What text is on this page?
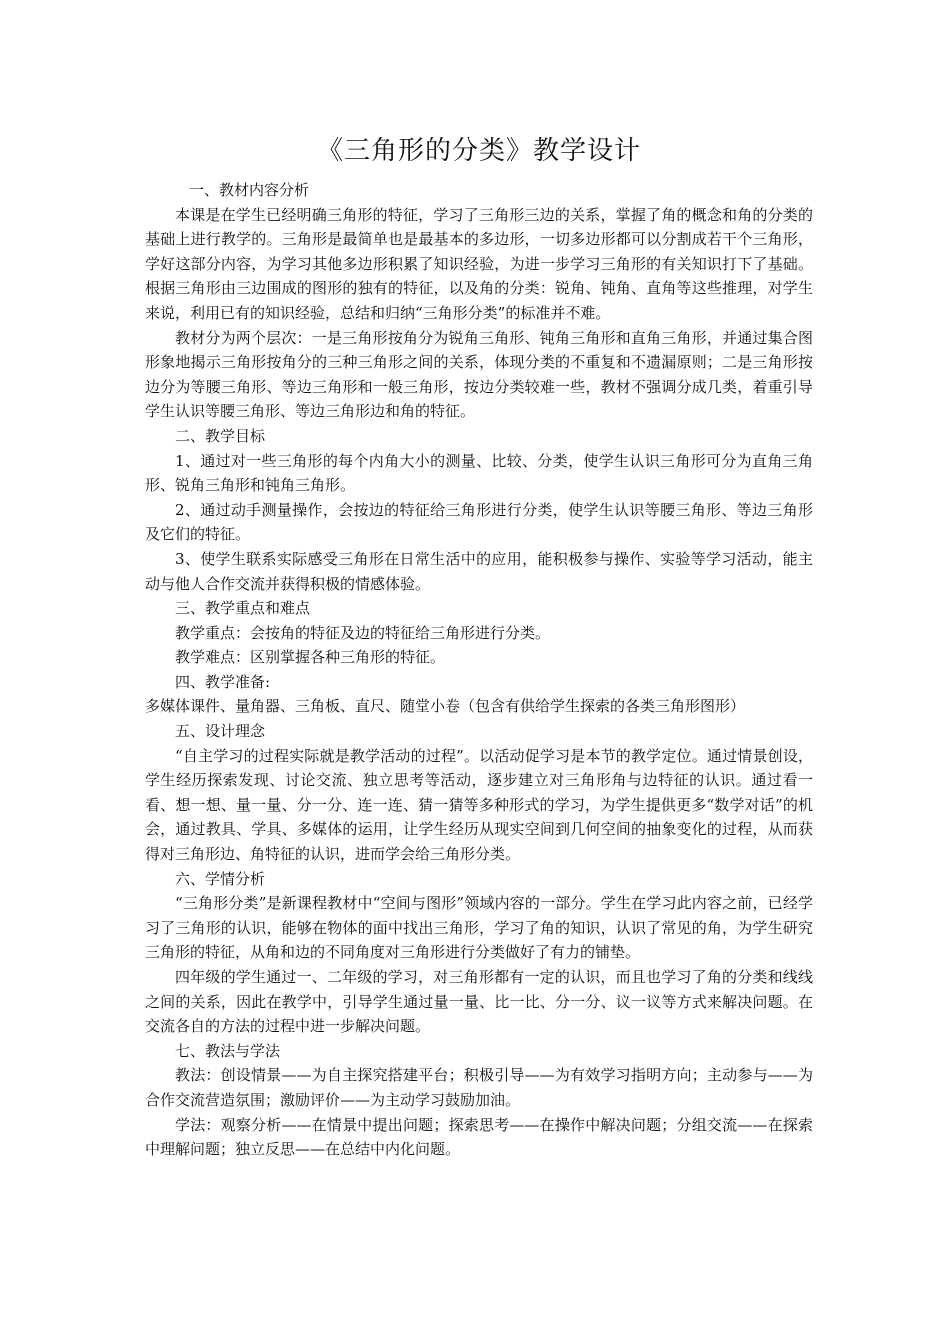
《三角形的分类》教学设计

一、教材内容分析

本课是在学生已经明确三角形的特征，学习了三角形三边的关系，掌握了角的概念和角的分类的基础上进行教学的。三角形是最简单也是最基本的多边形，一切多边形都可以分割成若干个三角形，学好这部分内容，为学习其他多边形积累了知识经验，为进一步学习三角形的有关知识打下了基础。根据三角形由三边围成的图形的独有的特征，以及角的分类：锐角、钝角、直角等这些推理，对学生来说，利用已有的知识经验，总结和归纳“三角形分类”的标准并不难。

教材分为两个层次：一是三角形按角分为锐角三角形、钝角三角形和直角三角形，并通过集合图形象地揭示三角形按角分的三种三角形之间的关系，体现分类的不重复和不遗漏原则；二是三角形按边分为等腰三角形、等边三角形和一般三角形，按边分类较难一些，教材不强调分成几类，着重引导学生认识等腰三角形、等边三角形边和角的特征。

二、教学目标

1、通过对一些三角形的每个内角大小的测量、比较、分类，使学生认识三角形可分为直角三角形、锐角三角形和钝角三角形。

2、通过动手测量操作，会按边的特征给三角形进行分类，使学生认识等腰三角形、等边三角形及它们的特征。

3、使学生联系实际感受三角形在日常生活中的应用，能积极参与操作、实验等学习活动，能主动与他人合作交流并获得积极的情感体验。

三、教学重点和难点

教学重点：会按角的特征及边的特征给三角形进行分类。

教学难点：区别掌握各种三角形的特征。

四、教学准备:

多媒体课件、量角器、三角板、直尺、随堂小卷（包含有供给学生探索的各类三角形图形）

五、设计理念

“自主学习的过程实际就是教学活动的过程”。以活动促学习是本节的教学定位。通过情景创设，学生经历探索发现、讨论交流、独立思考等活动，逐步建立对三角形角与边特征的认识。通过看一看、想一想、量一量、分一分、连一连、猜一猜等多种形式的学习，为学生提供更多“数学对话”的机会，通过教具、学具、多媒体的运用，让学生经历从现实空间到几何空间的抽象变化的过程，从而获得对三角形边、角特征的认识，进而学会给三角形分类。

六、学情分析

“三角形分类”是新课程教材中“空间与图形”领域内容的一部分。学生在学习此内容之前，已经学习了三角形的认识，能够在物体的面中找出三角形，学习了角的知识，认识了常见的角，为学生研究三角形的特征，从角和边的不同角度对三角形进行分类做好了有力的铺垫。

四年级的学生通过一、二年级的学习，对三角形都有一定的认识，而且也学习了角的分类和线线之间的关系，因此在教学中，引导学生通过量一量、比一比、分一分、议一议等方式来解决问题。在交流各自的方法的过程中进一步解决问题。

七、教法与学法

教法：创设情景——为自主探究搭建平台；积极引导——为有效学习指明方向；主动参与——为合作交流营造氛围；激励评价——为主动学习鼓励加油。

学法：观察分析——在情景中提出问题；探索思考——在操作中解决问题；分组交流——在探索中理解问题；独立反思——在总结中内化问题。
